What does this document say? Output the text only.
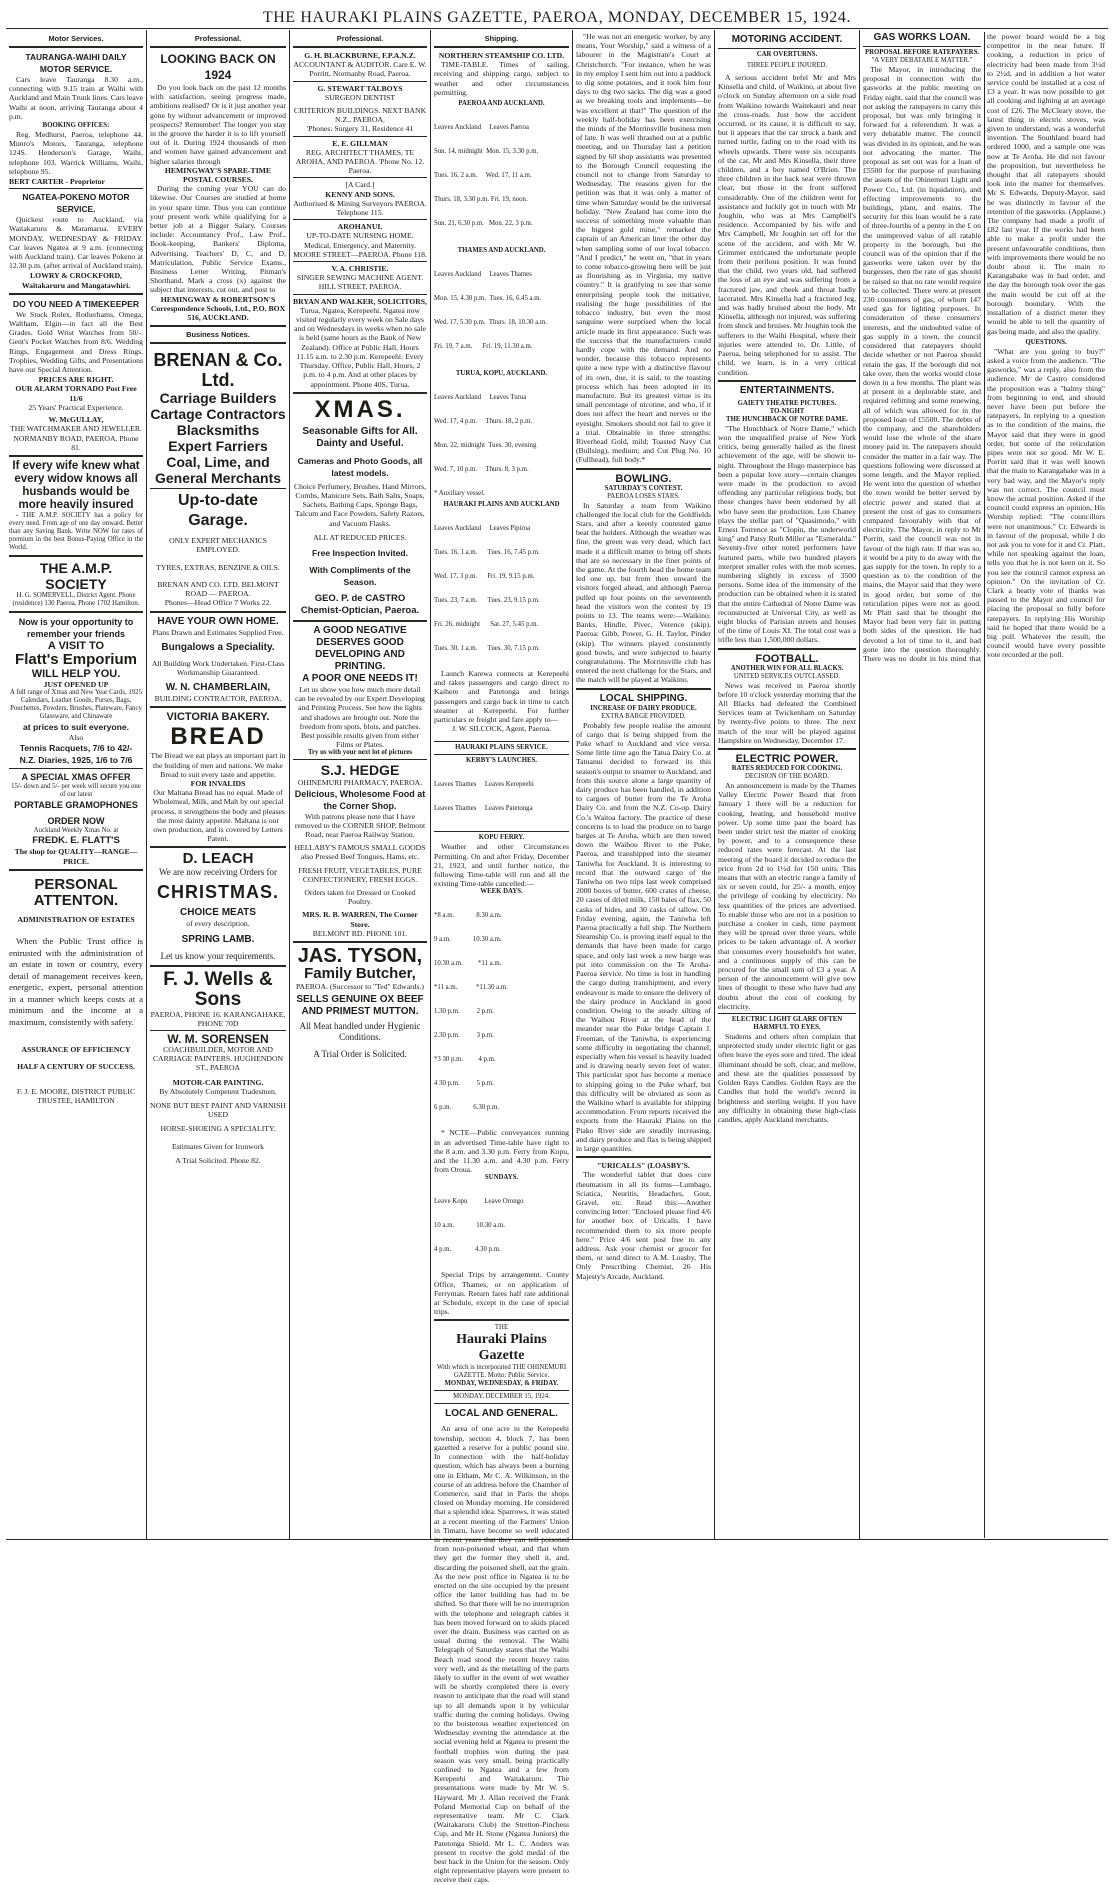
THE HAURAKI PLAINS GAZETTE, PAEROA, MONDAY, DECEMBER 15, 1924.
Motor Services.
TAURANGA-WAIHI DAILY MOTOR SERVICE.
Cars leave Tauranga 8.30 a.m., connecting with 9.15 train at Waihi with Auckland and Main Trunk lines. Cars leave Waihi at noon, arriving Tauranga about 4 p.m.
BOOKING OFFICES:
Reg. Medhurst, Paeroa, telephone 44. Munro's Motors, Tauranga, telephone 124S. Henderson's Garage, Waihi, telephone 103. Warrick Williams, Waihi, telephone 95.
BERT CARTER - Proprietor
NGATEA-POKENO MOTOR SERVICE.
Quickest route to Auckland, via Waitakaruru & Maramarua. EVERY MONDAY, WEDNESDAY & FRIDAY. Car leaves Ngatea at 9 a.m. (connecting with Auckland train). Car leaves Pokeno at 12.30 p.m. (after arrival of Auckland train).
LOWRY & CROCKFORD, Waitakaruru and Mangatawhiri.
DO YOU NEED A TIMEKEEPER
We Stock Rolex, Rotherhams, Omega, Waltham, Elgin—in fact all the Best Grades. Gold Wrist Watches from 50/-. Gent's Pocket Watches from 8/6. Wedding Rings, Engagement and Dress Rings. Trophies, Wedding Gifts, and Presentations have our Special Attention.
PRICES ARE RIGHT.
OUR ALARM TORNADO Post Free 11/6
25 Years' Practical Experience.
W. McGULLAY,
THE WATCHMAKER AND JEWELLER. NORMANBY ROAD, PAEROA. Phone 81.
If every wife knew what every widow knows all husbands would be more heavily insured
- THE A.M.P. SOCIETY has a policy for every need. From age of one day onward. Better than any Saving Bank. Write NOW for rates of premium in the best Bonus-Paying Office in the World.
THE A.M.P. SOCIETY
H. G. SOMERVELL, District Agent. Phone (residence) 130 Paeroa. Phone 1702 Hamilton.
Now is your opportunity to remember your friends
A VISIT TO
Flatt's Emporium
WILL HELP YOU.
JUST OPENED UP
A full range of Xmas and New Year Cards, 1925 Calendars, Leather Goods, Purses, Bags, Pouchettes, Powders, Brushes, Plateware, Fancy Glassware, and Chinaware
at prices to suit everyone.
Also
Tennis Racquets, 7/6 to 42/-
N.Z. Diaries, 1925, 1/6 to 7/6
A SPECIAL XMAS OFFER
15/- down and 5/- per week will secure you one of our latest
PORTABLE GRAMOPHONES
ORDER NOW
Auckland Weekly Xmas No. at
FREDK. E. FLATT'S
The shop for QUALITY—RANGE—PRICE.
PERSONAL ATTENTON.
ADMINISTRATION OF ESTATES
When the Public Trust office is entrusted with the administration of an estate in town or country, every detail of management receives keen, energetic, expert, personal attention in a manner which keeps costs at a minimum and the income at a maximum, consistently with safety.
ASSURANCE OF EFFICIENCY
HALF A CENTURY OF SUCCESS.
F. J. E. MOORE, DISTRICT PUBLIC TRUSTEE, HAMILTON
Professional.
LOOKING BACK ON 1924
Do you look back on the past 12 months with satisfaction, seeing progress made, ambitions realised? Or is it just another year gone by without advancement or improved prospects? Remember! The longer you stay in the groove the harder it is to lift yourself out of it. During 1924 thousands of men and women have gained advancement and higher salaries through
HEMINGWAY'S SPARE-TIME POSTAL COURSES.
During the coming year YOU can do likewise. Our Courses are studied at home in your spare time. Thus you can continue your present work while qualifying for a better job at a Bigger Salary. Courses include: Accountancy Prof., Law Prof., Book-keeping, Bankers' Diploma, Advertising, Teachers' D, C, and D, Matriculation, Public Service Exams., Business Letter Writing, Pitman's Shorthand. Mark a cross (x) against the subject that interests, cut out, and post to
HEMINGWAY & ROBERTSON'S Correspondence Schools, Ltd., P.O. BOX 516, AUCKLAND.
Business Notices.
BRENAN & Co. Ltd.
Carriage Builders
Cartage Contractors
Blacksmiths
Expert Farriers
Coal, Lime, and General Merchants
Up-to-date Garage.
ONLY EXPERT MECHANICS EMPLOYED.
TYRES, EXTRAS, BENZINE & OILS.
BRENAN AND CO. LTD. BELMONT ROAD — PAEROA.
Phones—Head Office 7 Works 22.
HAVE YOUR OWN HOME.
Plans Drawn and Estimates Supplied Free.
Bungalows a Speciality.
All Building Work Undertaken. First-Class Workmanship Guaranteed.
W. N. CHAMBERLAIN,
BUILDING CONTRACTOR, PAEROA.
VICTORIA BAKERY.
BREAD
The Bread we eat plays an important part in the building of men and nations. We make Bread to suit every taste and appetite.
FOR INVALIDS
Our Maltana Bread has no equal. Made of Wholemeal, Milk, and Malt by our special process, it strengthens the body and pleases the most dainty appetite. Maltana is our own production, and is covered by Letters Patent.
D. LEACH
We are now receiving Orders for
CHRISTMAS.
CHOICE MEATS
of every description.
SPRING LAMB.
Let us know your requirements.
F. J. Wells & Sons
PAEROA, PHONE 16. KARANGAHAKE, PHONE 70D
W. M. SORENSEN
COACHBUILDER, MOTOR AND CARRIAGE PAINTERS. HUGHENDON ST., PAEROA
MOTOR-CAR PAINTING.
By Absolutely Competent Tradesmen.
NONE BUT BEST PAINT AND VARNISH USED
HORSE-SHOEING A SPECIALITY.
Estimates Given for Ironwork
A Trial Solicited. Phone 82.
Professional.
G. H. BLACKBURNE, F.P.A.N.Z.
ACCOUNTANT & AUDITOR. Care E. W. Porritt, Normanby Road, Paeroa.
G. STEWART TALBOYS
SURGEON DENTIST
CRITERION BUILDINGS. NEXT BANK N.Z., PAEROA.
'Phones: Surgery 31, Residence 41
E. E. GILLMAN
REG. ARCHITECT THAMES, TE AROHA, AND PAEROA. 'Phone No. 12. Paeroa.
[A Card.]
KENNY AND SONS.
Authorised & Mining Surveyors PAEROA. Telephone 115.
AROHANUI.
UP-TO-DATE NURSING HOME. Medical, Emergency, and Maternity. MOORE STREET—PAEROA. Phone 118.
V. A. CHRISTIE.
SINGER SEWING MACHINE AGENT. HILL STREET, PAEROA.
BRYAN AND WALKER, SOLICITORS,
Turua, Ngatea, Kerepeehi. Ngatea now visited regularly every week on Sale days and on Wednesdays in weeks when no sale is held (same hours as the Bank of New Zealand). Office at Public Hall, Hours 11.15 a.m. to 2.30 p.m. Kerepeehi: Every Thursday. Office, Public Hall, Hours, 2 p.m. to 4 p.m. And at other places by appointment. Phone 40S, Turua.
XMAS.
Seasonable Gifts for All. Dainty and Useful.
Cameras and Photo Goods, all latest models.
Choice Perfumery, Brushes, Hand Mirrors, Combs, Manicure Sets, Bath Salts, Soaps, Sachets, Bathing Caps, Sponge Bags, Talcum and Face Powders, Safety Razors, and Vacuum Flasks.
ALL AT REDUCED PRICES.
Free Inspection Invited.
With Compliments of the Season.
GEO. P. de CASTRO
Chemist-Optician, Paeroa.
A GOOD NEGATIVE DESERVES GOOD DEVELOPING AND PRINTING.
A POOR ONE NEEDS IT!
Let us show you how much more detail can be revealed by our Expert Developing and Printing Process. See how the lights and shadows are brought out. Note the freedom from spots, blots, and patches. Best possible results given from either Films or Plates.
Try us with your next lot of pictures
S.J. HEDGE
OHINEMURI PHARMACY, PAEROA.
Delicious, Wholesome Food at the Corner Shop.
With patrons please note that I have removed to the CORNER SHOP, Belmont Road, near Paeroa Railway Station.
HELLABY'S FAMOUS SMALL GOODS
also Pressed Beef Tongues, Hams, etc.
FRESH FRUIT, VEGETABLES, PURE CONFECTIONERY, FRESH EGGS.
Orders taken for Dressed or Cooked Poultry.
MRS. R. B. WARREN, The Corner Store.
BELMONT RD. PHONE 101.
JAS. TYSON,
Family Butcher,
PAEROA. (Successor to "Ted" Edwards.)
SELLS GENUINE OX BEEF AND PRIMEST MUTTON.
All Meat handled under Hygienic Conditions.
A Trial Order is Solicited.
Shipping.
NORTHERN STEAMSHIP CO. LTD.
TIME-TABLE. Times of sailing, receiving and shipping cargo, subject to weather and other circumstances permitting.
PAEROA AND AUCKLAND.

Leaves Auckland     Leaves Paeroa

Sun. 14, midnight  Mon. 15, 3.30 p.m.

Tues. 16, 2 a.m.     Wed. 17, 11 a.m.

Thurs. 18, 3.30 p.m. Fri. 19, noon.

Sun. 21, 6.30 p.m.   Mon. 22, 3 p.m.

THAMES AND AUCKLAND.

Leaves Auckland     Leaves Thames

Mon. 15, 4.30 p.m.  Tues. 16, 6.45 a.m.

Wed. 17, 5.30 p.m.  Thurs. 18, 10.30 a.m.

Fri. 19, 7 a.m.      Fri. 19, 11.30 a.m.

TURUA, KOPU, AUCKLAND.

Leaves Auckland     Leaves Turua

Wed. 17, 4 p.m.     Thurs. 18, 2 p.m.

Mon. 22, midnight  Tues. 30, evening

Wed. 7, 10 p.m.     Thurs. 8, 3 p.m.

* Auxiliary vessel.
HAURAKI PLAINS AND AUCKLAND

Leaves Auckland     Leaves Pipiroa

Tues. 16, 1 a.m.      Tues. 16, 7.45 p.m.

Wed. 17, 3 p.m.      Fri. 19, 9.15 p.m.

Tues. 23, 7 a.m.      Tues. 23, 9.15 p.m.

Fri. 26, midnight      Sat. 27, 5.45 p.m.

Tues. 30, 1 a.m.      Tues. 30, 7.15 p.m.

Launch Karewa connects at Kerepeehi and takes passengers and cargo direct to Kaihere and Patetonga and brings passengers and cargo back in time to catch steamer at Kerepeehi. For further particulars re freight and fare apply to—
J. W. SILCOCK, Agent, Paeroa.
HAURAKI PLAINS SERVICE.
KERBY'S LAUNCHES.

Leaves Thames     Leaves Kerepeehi

Leaves Thames     Leaves Patetonga

KOPU FERRY.
Weather and other Circumstances Permitting. On and after Friday, December 21, 1923, and until further notice, the following Time-table will run and all the existing Time-table cancelled:—
WEEK DAYS.

*8 a.m.             8.30 a.m.

9 a.m.             10.30 a.m.

10.30 a.m.         *11 a.m.

*11 a.m.           *11.30 a.m.

1.30 p.m.          2 p.m.

2.30 p.m.          3 p.m.

*3 30 p.m.         4 p.m.

4 30 p.m.          5 p.m.

6 p.m.             6.30 p.m.

* NCTE—Public conveyances running in an advertised Time-table have right to the 8 a.m. and 3.30 p.m. Ferry from Kopu, and the 11.30 a.m. and 4.30 p.m. Ferry from Oroua.
SUNDAYS.

Leave Kopu          Leave Orongo

10 a.m.             10.30 a.m.

4 p.m.              4.30 p.m.

Special Trips by arrangement. County Office, Thames, or on application of Ferryman. Return fares half rate additional at Schedule, except in the case of special trips.
THE
Hauraki Plains Gazette
With which is incorporated THE OHINEMURI GAZETTE. Motto: Public Service.
MONDAY, WEDNESDAY, & FRIDAY.
MONDAY, DECEMBER 15, 1924.
LOCAL AND GENERAL.
An area of one acre in the Kerepeehi township, section 4, block 7, has been gazetted a reserve for a public pound site. In connection with the half-holiday question, which has always been a burning one in Eltham, Mr C. A. Wilkinson, in the course of an address before the Chamber of Commerce, said that in Paris the shops closed on Monday morning. He considered that a splendid idea. Sparrows, it was stated at a recent meeting of the Farmers' Union in Timaru, have become so well educated in recent years that they can tell poisoned from non-poisoned wheat, and that when they get the former they shell it, and, discarding the poisoned shell, eat the grain. As the new post office in Ngatea is to be erected on the site occupied by the present office the latter building has had to be shifted. So that there will be no interruption with the telephone and telegraph cables it has been moved forward on to skids placed over the drain. Business was carried on as usual during the removal. The Waihi Telegraph of Saturday states that the Waihi Beach road stood the recent heavy rains very well, and as the metalling of the parts likely to suffer in the event of wet weather will be shortly completed there is every reason to anticipate that the road will stand up to all demands upon it by vehicular traffic during the coming holidays. Owing to the boisterous weather experienced on Wednesday evening the attendance at the social evening held at Ngatea to present the football trophies won during the past season was very small, being practically confined to Ngatea and a few from Kerepeehi and Waitakaruru. The presentations were made by Mr W. S. Hayward. Mr J. Allan received the Frank Poland Memorial Cup on behalf of the representative team. Mr C. Clark (Waitakaruru Club) the Stretton-Pinchess Cup, and Mr H. Stone (Ngatea Juniors) the Patetonga Shield. Mr L. C. Anders was present to receive the gold medal of the best back in the Union for the season. Only eight representative players were present to receive their caps.
"He was not an energetic worker, by any means, Your Worship," said a witness of a labourer in the Magistrate's Court at Christchurch. "For instance, when he was in my employ I sent him out into a paddock to dig some potatoes, and it took him four days to dig two sacks. The dig was a good as we breaking tools and implements—he was excellent at that!" The question of the weekly half-holiday has been exercising the minds of the Morrinsville business men of late. It was well thrashed out at a public meeting, and on Thursday last a petition signed by 60 shop assistants was presented to the Borough Council requesting the council not to change from Saturday to Wednesday. The reasons given for the petition was that it was only a matter of time when Saturday would be the universal holiday. "New Zealand has come into the success of something more valuable than the biggest gold mine," remarked the captain of an American liner the other day when sampling some of our local tobacco. "And I predict," he went on, "that in years to come tobacco-growing here will be just as flourishing as in Virginia, my native country." It is gratifying to see that some enterprising people took the initiative, realising the huge possibilities of the tobacco industry, but even the most sanguine were surprised when the local article made its first appearance. Such was the success that the manufacturers could hardly cope with the demand. And no wonder, because this tobacco represents quite a new type with a distinctive flavour of its own, due, it is said, to the toasting process which has been adopted in its manufacture. But its greatest virtue is its small percentage of nicotine, and who, if it does not affect the heart and nerves or the eyesight. Smokers should not fail to give it a trial. Obtainable in three strengths: Riverhead Gold, mild; Toasted Navy Cut (Bullsing), medium; and Cut Plug No. 10 (Fullhead), full body.*
BOWLING.
SATURDAY'S CONTEST.
PAEROA LOSES STARS.
In Saturday a team from Waikino challenged the local club for the Goldfields Stars, and after a keenly contested game beat the holders. Although the weather was fine, the green was very dead, which fact made it a difficult matter to bring off shots that are so necessary in the finer points of the game. At the fourth head the home team led one up, but from then onward the visitors forged ahead, and although Paeroa pulled up four points on the seventeenth head the visitors won the contest by 19 points to 13. The teams were:—Waikino: Banks, Hindle, Pivec, Verence (skip). Paeroa: Gibb, Power, G. H. Taylor, Pinder (skip). The winners played consistently good bowls, and were subjected to hearty congratulations. The Morrinsville club has entered the next challenge for the Stars, and the match will be played at Waikino.
LOCAL SHIPPING.
INCREASE OF DAIRY PRODUCE.
EXTRA BARGE PROVIDED.
Probably few people realise the amount of cargo that is being shipped from the Puke wharf to Auckland and vice versa. Some little time ago the Tatua Dairy Co. at Tatuanui decided to forward its this season's output to steamer to Auckland, and from this source alone a large quantity of dairy produce has been handled, in addition to cargoes of butter from the Te Aroha Dairy Co. and from the N.Z. Co-op. Dairy Co.'s Waitoa factory. The practice of these concerns is to load the produce on to barge barges at Te Aroha, which are then towed down the Waihou River to the Puke, Paeroa, and transhipped into the steamer Taniwha for Auckland. It is interesting to record that the outward cargo of the Taniwha on two trips last week comprised 2000 boxes of butter, 600 crates of cheese, 20 cases of dried milk, 150 bales of flax, 50 casks of hides, and 30 casks of tallow. On Friday evening, again, the Taniwha left Paeroa practically a full ship. The Northern Steamship Co. is proving itself equal to the demands that have been made for cargo space, and only last week a new barge was put into commission on the Te Aroha-Paeroa service. No time is lost in handling the cargo during transhipment, and every endeavour is made to ensure the delivery of the dairy produce in Auckland in good condition. Owing to the steady silting of the Waihou River at the head of the meander near the Puke bridge Captain J. Freeman, of the Taniwha, is experiencing some difficulty in negotiating the channel, especially when his vessel is heavily loaded and is drawing nearly seven feet of water. This particular spot has become a menace to shipping going to the Puke wharf, but this difficulty will be obviated as soon as the Waikino wharf is available for shipping accommodation. From reports received the exports from the Hauraki Plains on the Piako River side are steadily increasing, and dairy produce and flax is being shipped in large quantities.
"URICALLS" (LOASBY'S.
The wonderful tablet that does cure rheumatism in all its forms—Lumbago, Sciatica, Neuritis, Headaches, Gout, Gravel, etc. Read this:—Another convincing letter: "Enclosed please find 4/6 for another box of Uricalls. I have recommended them to six more people here." Price 4/6 sent post free to any address. Ask your chemist or grocer for them, or send direct to A.M. Loasby, The Only Prescribing Chemist, 26 His Majesty's Arcade, Auckland.
MOTORING ACCIDENT.
CAR OVERTURNS.
THREE PEOPLE INJURED.
A serious accident befel Mr and Mrs Kinsella and child, of Waikino, at about five o'clock on Sunday afternoon on a side road from Waikino towards Waitekauri and near the cross-roads. Just how the accident occurred, or its cause, it is difficult to say, but it appears that the car struck a bank and turned turtle, fading on to the road with its wheels upwards. There were six occupants of the car, Mr and Mrs Kinsella, their three children, and a boy named O'Brien. The three children in the back seat were thrown clear, but those in the front suffered considerably. One of the children went for assistance and luckily got in touch with Mr Joughin, who was at Mrs Campbell's residence. Accompanied by his wife and Mrs Campbell, Mr Joughin set off for the scene of the accident, and with Mr W. Grimmer extricated the unfortunate people from their perilous position. It was found that the child, two years old, had suffered the loss of an eye and was suffering from a fractured jaw, and cheek and throat badly lacerated. Mrs Kinsella had a fractured leg, and was badly bruised about the body. Mr Kinsella, although not injured, was suffering from shock and bruises. Mr Joughin took the sufferers to the Waihi Hospital, where their injuries were attended to, Dr. Little, of Paeroa, being telephoned for to assist. The child, we learn, is in a very critical condition.
ENTERTAINMENTS.
GAIETY THEATRE PICTURES.
TO-NIGHT
THE HUNCHBACK OF NOTRE DAME.
"The Hunchback of Notre Dame," which won the unqualified praise of New York critics, being generally hailed as the finest achievement of the age, will be shown to-night. Throughout the Hugo masterpiece has been a popular love story—certain changes were made in the production to avoid offending any particular religious body, but these changes have been endorsed by all who have seen the production. Lon Chaney plays the stellar part of "Quasimodo," with Ernest Torrence as "Clopin, the underworld king" and Patsy Ruth Miller as "Esmeralda." Seventy-five other noted performers have featured parts, while two hundred players interpret smaller roles with the mob scenes, numbering slightly in excess of 3500 persons. Some idea of the immensity of the production can be obtained when it is stated that the entire Cathedral of Notre Dame was reconstructed at Universal City, as well as eight blocks of Parisian streets and houses of the time of Louis XI. The total cost was a trifle less than 1,500,000 dollars.
FOOTBALL.
ANOTHER WIN FOR ALL BLACKS.
UNITED SERVICES OUTCLASSED.
News was received in Paeroa shortly before 10 o'clock yesterday morning that the All Blacks had defeated the Combined Services team at Twickenham on Saturday by twenty-five points to three. The next match of the tour will be played against Hampshire on Wednesday, December 17.
ELECTRIC POWER.
RATES REDUCED FOR COOKING.
DECISION OF THE BOARD.
An announcement is made by the Thames Valley Electric Power Board that from January 1 there will be a reduction for cooking, heating, and household motive power. Up some time past the board has been under strict test the matter of cooking by power, and to a consequence these reduced rates were forecast. At the last meeting of the board it decided to reduce the price from 2d to 1½d for 150 units. This means that with an electric range a family of six or seven could, for 25/- a month, enjoy the privilege of cooking by electricity. No less quantities of the prices are advertised. To enable those who are not in a position to purchase a cooker in cash, time payment they will be spread over three years, while prices to be taken advantage of. A worker that consumes every household's hot water, and a continuous supply of this can be procured for the small sum of £3 a year. A person of the announcement will give new lines of thought to those who have had any doubts about the cost of cooking by electricity.
ELECTRIC LIGHT GLARE OFTEN HARMFUL TO EYES.
Students and others often complain that unprotected study under electric light or gas often leave the eyes sore and tired. The ideal illuminant should be soft, clear, and mellow, and these are the qualities possessed by Golden Rays Candles. Golden Rays are the Candles that hold the world's record in brightness and sterling weight. If you have any difficulty in obtaining these high-class candles, apply Auckland merchants.
GAS WORKS LOAN.
PROPOSAL BEFORE RATEPAYERS.
"A VERY DEBATABLE MATTER."
The Mayor, in introducing the proposal in connection with the gasworks at the public meeting on Friday night, said that the council was not asking the ratepayers to carry this proposal, but was only bringing it forward for a referendum. It was a very debatable matter. The council was divided in its opinion, and he was not advocating the matter. The proposal as set out was for a loan of £5500 for the purpose of purchasing the assets of the Ohinemuri Light and Power Co., Ltd. (in liquidation), and effecting improvements to the buildings, plant, and mains. The security for this loan would be a rate of three-fourths of a penny in the £ on the unimproved value of all ratable property in the borough, but the council was of the opinion that if the gasworks were taken over by the burgesses, then the rate of gas should be raised so that no rate would require to be collected. There were at present 230 consumers of gas, of whom 147 used gas for lighting purposes. In consideration of these consumers' interests, and the undoubted value of gas supply in a town, the council considered that ratepayers should decide whether or not Paeroa should retain the gas. If the borough did not take over, then the works would close down in a few months. The plant was at present in a deplorable state, and required refitting and some renewing, all of which was allowed for in the proposed loan of £5500. The debts of the company, and the shareholders would lose the whole of the share money paid in. The ratepayers should consider the matter in a fair way. The questions following were discussed at some length, and the Mayor replied. He went into the question of whether the town would be better served by electric power and stated that at present the cost of gas to consumers compared favourably with that of electricity. The Mayor, in reply to Mr Porritt, said the council was not in favour of the high rate. If that was so, it would be a pity to do away with the gas supply for the town. In reply to a question as to the condition of the mains, the Mayor said that they were in good order, but some of the reticulation pipes were not as good. Mr Platt said that he thought the Mayor had been very fair in putting both sides of the question. He had devoted a lot of time to it, and had gone into the question thoroughly. There was no doubt in his mind that the power board would be a big competitor in the near future. If cooking, a reduction in price of electricity had been made from 3½d to 2½d, and in addition a hot water service could be installed at a cost of £3 a year. It was now possible to get all cooking and lighting at an average cost of £26. The McCleary stove, the latest thing in electric stoves, was given to understand, was a wonderful invention. The Southland board had ordered 1000, and a sample one was now at Te Aroha. He did not favour the proposition, but nevertheless he thought that all ratepayers should look into the matter for themselves. Mr S. Edwards, Deputy-Mayor, said he was distinctly in favour of the retention of the gasworks. (Applause.) The company had made a profit of £82 last year. If the works had been able to make a profit under the present unfavourable conditions, then with improvements there would be no doubt about it. The main to Karangahake was in bad order, and the day the borough took over the gas the main would be cut off at the borough boundary. With the installation of a district meter they would be able to tell the quantity of gas being made, and also the quality.
QUESTIONS.
"What are you going to buy?" asked a voice from the audience. "The gasworks," was a reply, also from the audience. Mr de Castro considered the proposition was a "balmy thing" from beginning to end, and should never have been put before the ratepayers. In replying to a question as to the condition of the mains, the Mayor said that they were in good order, but some of the reticulation pipes were not so good. Mr W. E. Porritt said that it was well known that the main to Karangahake was in a very bad way, and the Mayor's reply was not correct. The council must know the actual position. Asked if the council could express an opinion, His Worship replied: "The councillors were not unanimous." Cr. Edwards is in favour of the proposal, while I do not ask you to vote for it and Cr. Platt, while not speaking against the loan, tells you that he is not keen on it. So you see the council cannot express an opinion." On the invitation of Cr. Clark a hearty vote of thanks was passed to the Mayor and council for placing the proposal so fully before ratepayers. In replying His Worship said he hoped that there would be a big poll. Whatever the result, the council would have every possible vote recorded at the poll.
